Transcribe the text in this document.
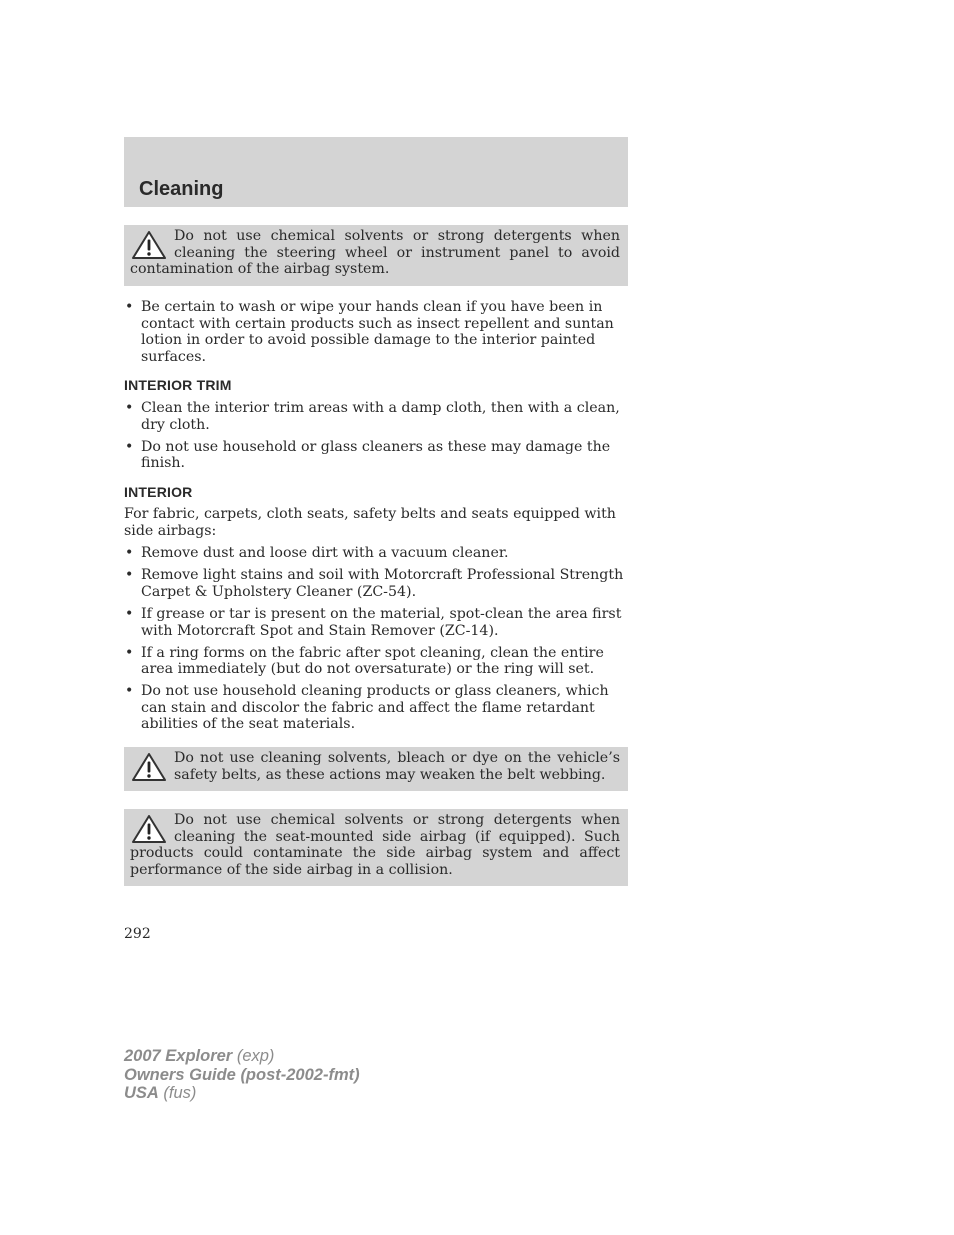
Cleaning

Do not use chemical solvents or strong detergents when cleaning the steering wheel or instrument panel to avoid contamination of the airbag system.

• Be certain to wash or wipe your hands clean if you have been in contact with certain products such as insect repellent and suntan lotion in order to avoid possible damage to the interior painted surfaces.
INTERIOR TRIM
• Clean the interior trim areas with a damp cloth, then with a clean, dry cloth.
• Do not use household or glass cleaners as these may damage the finish.
INTERIOR

For fabric, carpets, cloth seats, safety belts and seats equipped with side airbags:

• Remove dust and loose dirt with a vacuum cleaner.
• Remove light stains and soil with Motorcraft Professional Strength Carpet & Upholstery Cleaner (ZC-54).
• If grease or tar is present on the material, spot-clean the area first with Motorcraft Spot and Stain Remover (ZC-14).
• If a ring forms on the fabric after spot cleaning, clean the entire area immediately (but do not oversaturate) or the ring will set.
• Do not use household cleaning products or glass cleaners, which can stain and discolor the fabric and affect the flame retardant abilities of the seat materials.

Do not use cleaning solvents, bleach or dye on the vehicle’s safety belts, as these actions may weaken the belt webbing.

Do not use chemical solvents or strong detergents when cleaning the seat-mounted side airbag (if equipped). Such products could contaminate the side airbag system and affect performance of the side airbag in a collision.

292
2007 Explorer (exp)
Owners Guide (post-2002-fmt)
USA (fus)
